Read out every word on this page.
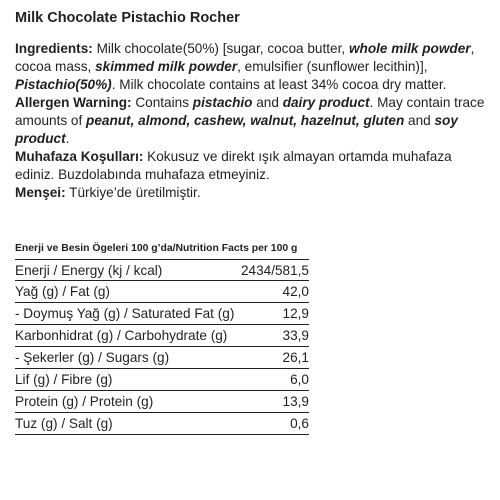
Milk Chocolate Pistachio Rocher

Ingredients: Milk chocolate(50%) [sugar, cocoa butter, whole milk powder, cocoa mass, skimmed milk powder, emulsifier (sunflower lecithin)], Pistachio(50%). Milk chocolate contains at least 34% cocoa dry matter.

Allergen Warning: Contains pistachio and dairy product. May contain trace amounts of peanut, almond, cashew, walnut, hazelnut, gluten and soy product.

Muhafaza Koşulları: Kokusuz ve direkt ışık almayan ortamda muhafaza ediniz. Buzdolabında muhafaza etmeyiniz.

Menşei: Türkiye’de üretilmiştir.

Enerji ve Besin Ögeleri 100 g’da/Nutrition Facts per 100 g
Enerji / Energy (kj / kcal)	2434/581,5
Yağ (g) / Fat (g)	42,0
- Doymuş Yağ (g) / Saturated Fat (g)	12,9
Karbonhidrat (g) / Carbohydrate (g)	33,9
- Şekerler (g) / Sugars (g)	26,1
Lif (g) / Fibre (g)	6,0
Protein (g) / Protein (g)	13,9
Tuz (g) / Salt (g)	0,6
